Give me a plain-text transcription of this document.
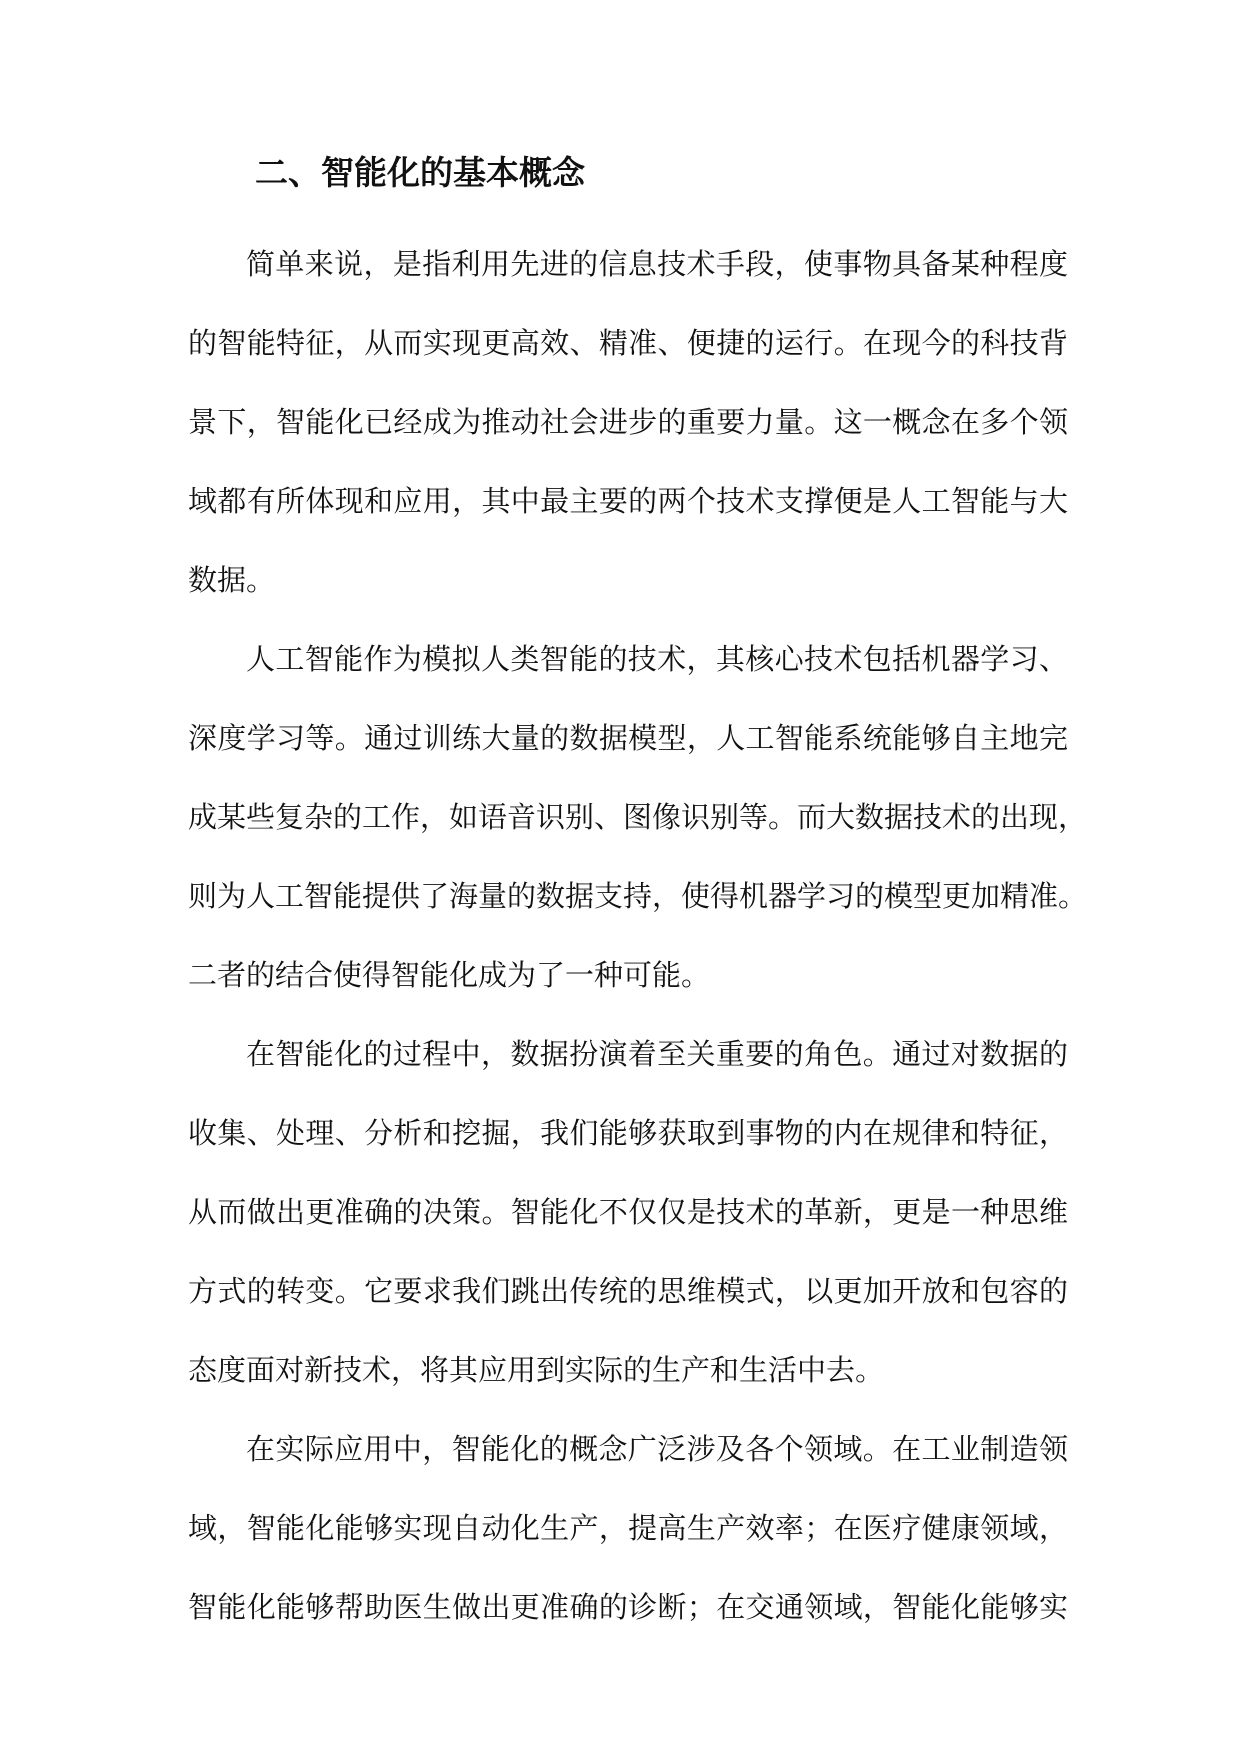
二、智能化的基本概念
简单来说，是指利用先进的信息技术手段，使事物具备某种程度
的智能特征，从而实现更高效、精准、便捷的运行。在现今的科技背
景下，智能化已经成为推动社会进步的重要力量。这一概念在多个领
域都有所体现和应用，其中最主要的两个技术支撑便是人工智能与大
数据。
人工智能作为模拟人类智能的技术，其核心技术包括机器学习、
深度学习等。通过训练大量的数据模型，人工智能系统能够自主地完
成某些复杂的工作，如语音识别、图像识别等。而大数据技术的出现，
则为人工智能提供了海量的数据支持，使得机器学习的模型更加精准。
二者的结合使得智能化成为了一种可能。
在智能化的过程中，数据扮演着至关重要的角色。通过对数据的
收集、处理、分析和挖掘，我们能够获取到事物的内在规律和特征，
从而做出更准确的决策。智能化不仅仅是技术的革新，更是一种思维
方式的转变。它要求我们跳出传统的思维模式，以更加开放和包容的
态度面对新技术，将其应用到实际的生产和生活中去。
在实际应用中，智能化的概念广泛涉及各个领域。在工业制造领
域，智能化能够实现自动化生产，提高生产效率；在医疗健康领域，
智能化能够帮助医生做出更准确的诊断；在交通领域，智能化能够实
